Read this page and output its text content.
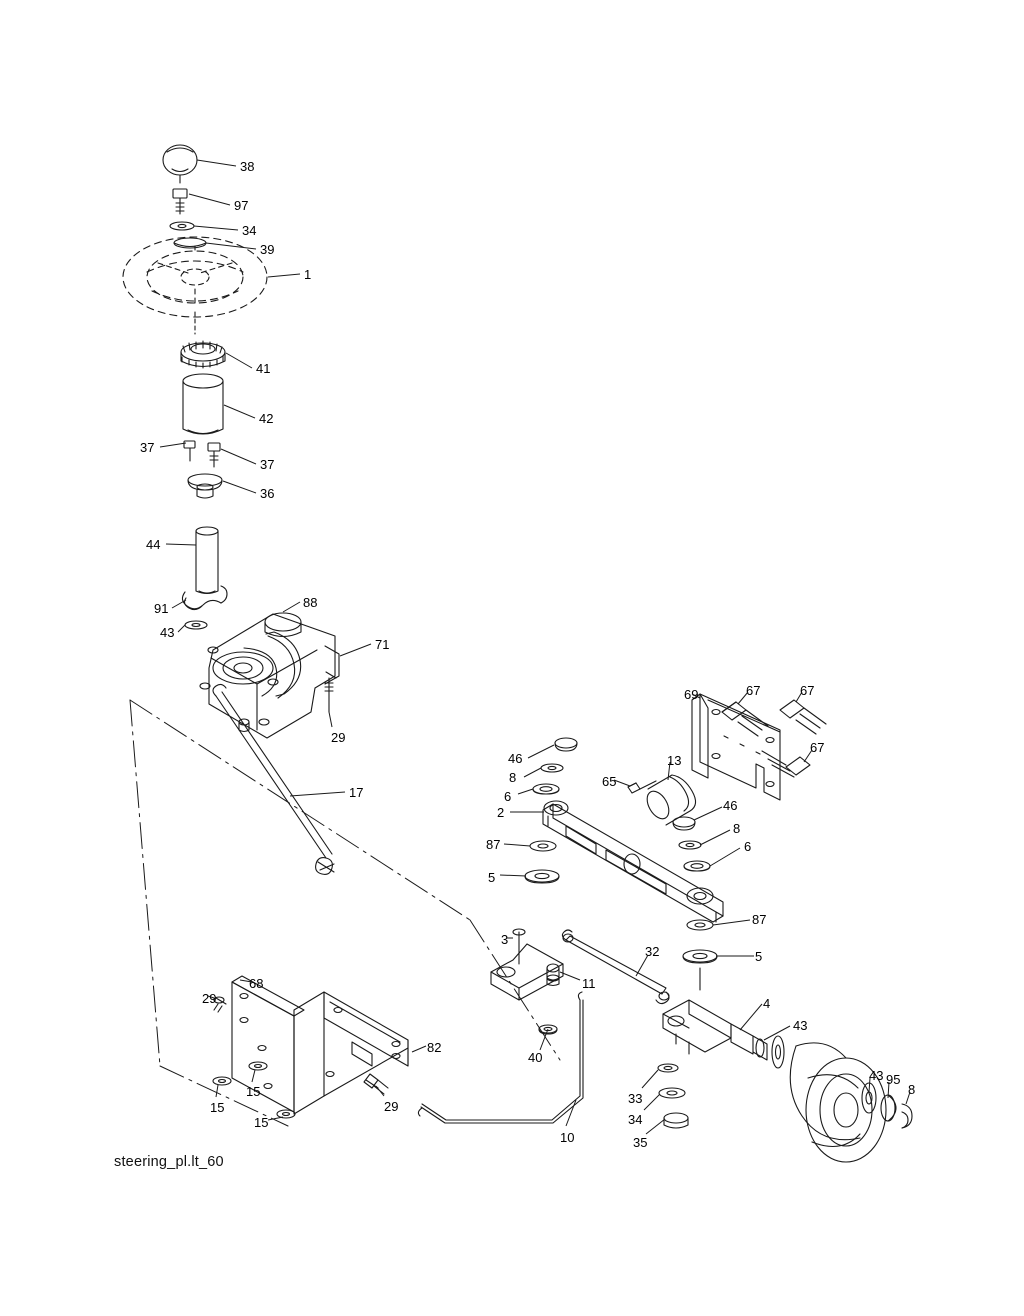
38
97
34
39
1
41
42
37
37
36
44
91	88
43
71
29
17
46
8
6
69	67	67
67
13
65
2	46
8
6
87
5
87
5
3
11
32
4
43
68
29
82
40
15
15
15
29
33
34
35
10
43 95
8
steering_pl.lt_60
